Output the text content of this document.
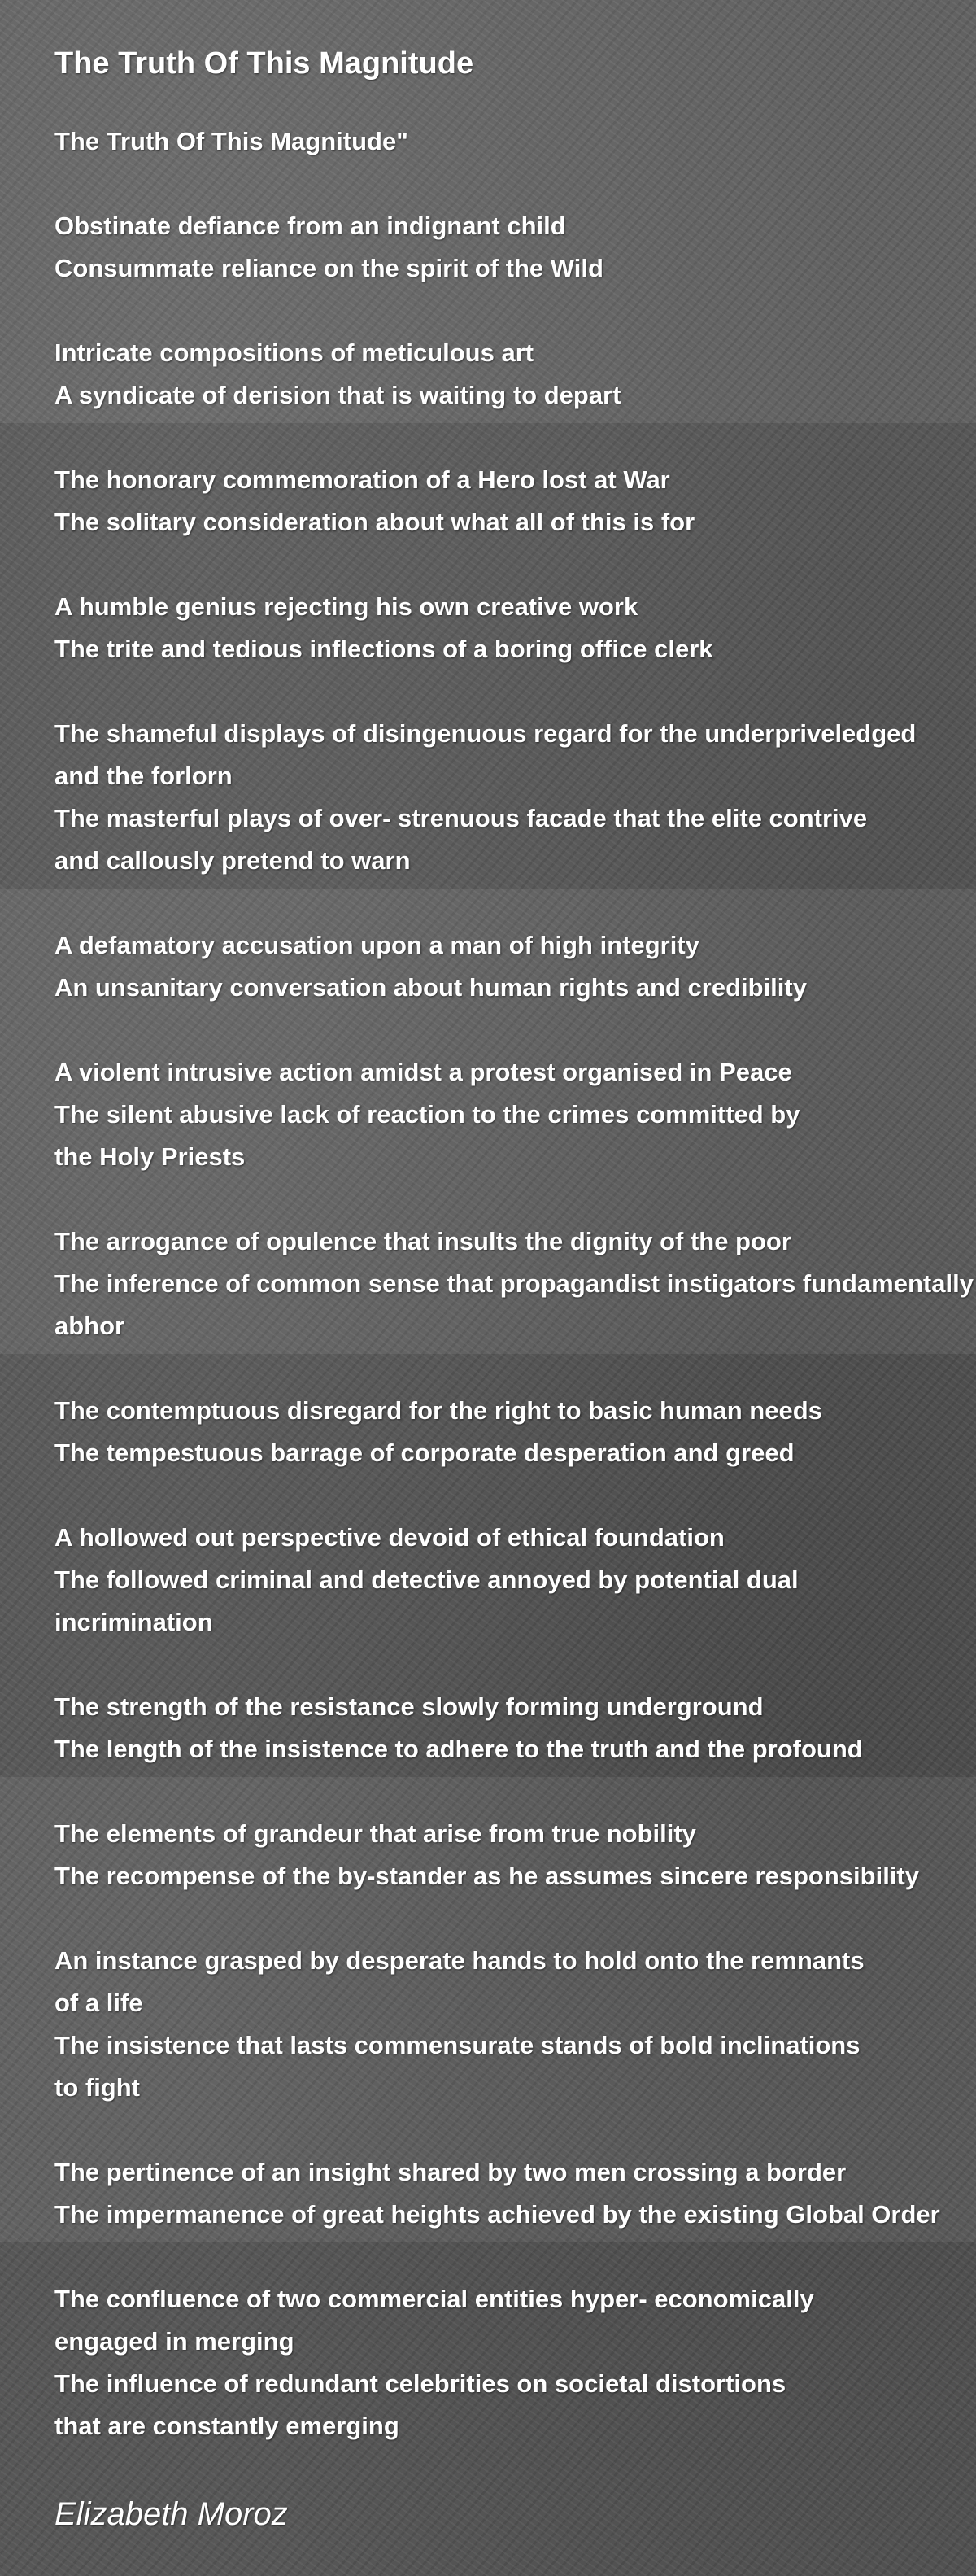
The Truth Of This Magnitude
The Truth Of This Magnitude"
Obstinate defiance from an indignant child
Consummate reliance on the spirit of the Wild
Intricate compositions of meticulous art
A syndicate of derision that is waiting to depart
The honorary commemoration of a Hero lost at War
The solitary consideration about what all of this is for
A humble genius rejecting his own creative work
The trite and tedious inflections of a boring office clerk
The shameful displays of disingenuous regard for the underpriveledged
and the forlorn
The masterful plays of over- strenuous facade that the elite contrive
and callously pretend to warn
A defamatory accusation upon a man of high integrity
An unsanitary conversation about human rights and credibility
A violent intrusive action amidst a protest organised in Peace
The silent abusive lack of reaction to the crimes committed by
the Holy Priests
The arrogance of opulence that insults the dignity of the poor
The inference of common sense that propagandist instigators fundamentally
abhor
The contemptuous disregard for the right to basic human needs
The tempestuous barrage of corporate desperation and greed
A hollowed out perspective devoid of ethical foundation
The followed criminal and detective annoyed by potential dual
incrimination
The strength of the resistance slowly forming underground
The length of the insistence to adhere to the truth and the profound
The elements of grandeur that arise from true nobility
The recompense of the by-stander as he assumes sincere responsibility
An instance grasped by desperate hands to hold onto the remnants
of a life
The insistence that lasts commensurate stands of bold inclinations
to fight
The pertinence of an insight shared by two men crossing a border
The impermanence of great heights achieved by the existing Global Order
The confluence of two commercial entities hyper- economically
engaged in merging
The influence of redundant celebrities on societal distortions
that are constantly emerging
Elizabeth Moroz
